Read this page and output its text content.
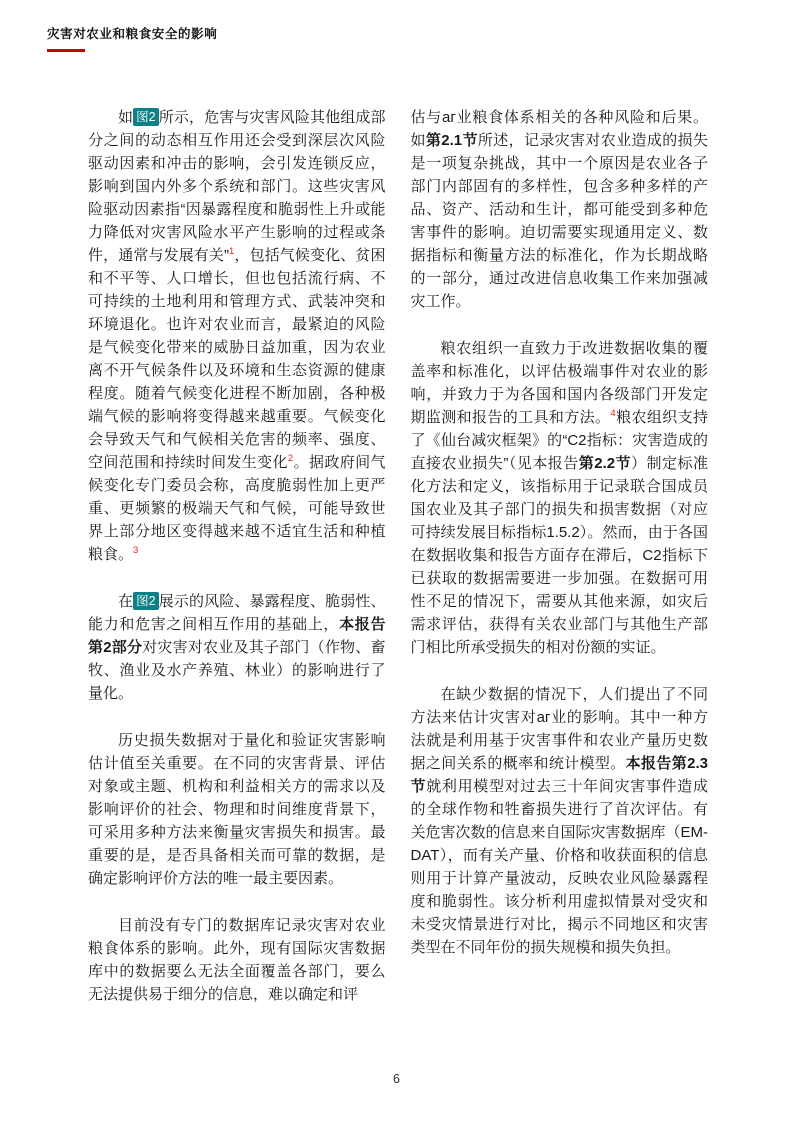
灾害对农业和粮食安全的影响

如 图2 所示，危害与灾害风险其他组成部分之间的动态相互作用还会受到深层次风险驱动因素和冲击的影响，会引发连锁反应，影响到国内外多个系统和部门。这些灾害风险驱动因素指“因暴露程度和脆弱性上升或能力降低对灾害风险水平产生影响的过程或条件，通常与发展有关”$^1$，包括气候变化、贫困和不平等、人口增长，但也包括流行病、不可持续的土地利用和管理方式、武装冲突和环境退化。也许对农业而言，最紧迫的风险是气候变化带来的威胁日益加重，因为农业离不开气候条件以及环境和生态资源的健康程度。随着气候变化进程不断加剧，各种极端气候的影响将变得越来越重要。气候变化会导致天气和气候相关危害的频率、强度、空间范围和持续时间发生变化$^2$。据政府间气候变化专门委员会称，高度脆弱性加上更严重、更频繁的极端天气和气候，可能导致世界上部分地区变得越来越不适宜生活和种植粮食。$^3$

在 图2 展示的风险、暴露程度、脆弱性、能力和危害之间相互作用的基础上，本报告第2部分对灾害对农业及其子部门（作物、畜牧、渔业及水产养殖、林业）的影响进行了量化。

历史损失数据对于量化和验证灾害影响估计值至关重要。在不同的灾害背景、评估对象或主题、机构和利益相关方的需求以及影响评价的社会、物理和时间维度背景下，可采用多种方法来衡量灾害损失和损害。最重要的是，是否具备相关而可靠的数据，是确定影响评价方法的唯一最主要因素。

目前没有专门的数据库记录灾害对农业粮食体系的影响。此外，现有国际灾害数据库中的数据要么无法全面覆盖各部门，要么无法提供易于细分的信息，难以确定和评

估与аг业粮食体系相关的各种风险和后果。如第2.1节所述，记录灾害对农业造成的损失是一项复杂挑战，其中一个原因是农业各子部门内部固有的多样性，包含多种多样的产品、资产、活动和生计，都可能受到多种危害事件的影响。迫切需要实现通用定义、数据指标和衡量方法的标准化，作为长期战略的一部分，通过改进信息收集工作来加强减灾工作。

粮农组织一直致力于改进数据收集的覆盖率和标准化，以评估极端事件对农业的影响，并致力于为各国和国内各级部门开发定期监测和报告的工具和方法。$^4$粮农组织支持了《仙台减灾框架》的“C2指标：灾害造成的直接农业损失”（见本报告第2.2节）制定标准化方法和定义，该指标用于记录联合国成员国农业及其子部门的损失和损害数据（对应可持续发展目标指标1.5.2）。然而，由于各国在数据收集和报告方面存在滞后，C2指标下已获取的数据需要进一步加强。在数据可用性不足的情况下，需要从其他来源，如灾后需求评估，获得有关农业部门与其他生产部门相比所承受损失的相对份额的实证。

在缺少数据的情况下，人们提出了不同方法来估计灾害对аг业的影响。其中一种方法就是利用基于灾害事件和农业产量历史数据之间关系的概率和统计模型。本报告第2.3节就利用模型对过去三十年间灾害事件造成的全球作物和牲畜损失进行了首次评估。有关危害次数的信息来自国际灾害数据库（EM-DAT），而有关产量、价格和收获面积的信息则用于计算产量波动，反映农业风险暴露程度和脆弱性。该分析利用虚拟情景对受灾和未受灾情景进行对比，揭示不同地区和灾害类型在不同年份的损失规模和损失负担。

6
